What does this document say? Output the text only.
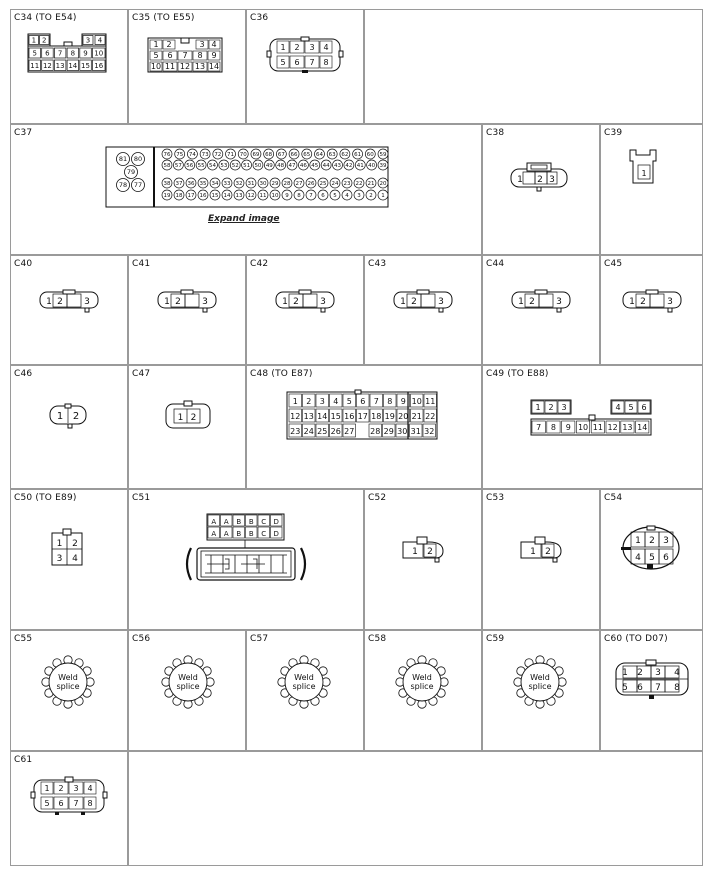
C34 (TO E54)
1 2	3 4
5 6 7 8 9 10
11 12 13 14 15 16
C35 (TO E55)
1 2	3 4
5 6 7 8 9
10 11 12 13 14
C36
1 2 3 4
5 6 7 8
C37
81 80
79
78 77
76 75 74 73 72 71 70 69 68 67 66 65 64 63 62 61 60 59
58 57 56 55 54 53 52 51 50 49 48 47 46 45 44 43 42 41 40 39
38 37 36 35 34 33 32 31 30 29 28 27 26 25 24 23 22 21 20
19 18 17 16 15 14 13 12 11 10 9 8 7 6 5 4 3 2 1
Expand image
C38
1 2 3
C39
1
C40
1 2 3
C41
1 2 3
C42
1 2 3
C43
1 2 3
C44
1 2 3
C45
1 2 3
C46
1 2
C47
1 2
C48 (TO E87)
1 2 3 4 5 6 7 8 9 10 11
12 13 14 15 16 17 18 19 20 21 22
23 24 25 26 27 28 29 30 31 32
C49 (TO E88)
1 2 3	4 5 6
7 8 9 10 11 12 13 14
C50 (TO E89)
2
1
3 4
C51
A A B B C D
A A B B C D
C52
1 2
C53
1 2
C54
1 2 3
4 5 6
C55
Weld
splice
C56
Weld
splice
C57
Weld
splice
C58
Weld
splice
C59
Weld
splice
C60 (TO D07)
1 2 3 4
5 6 7 8
C61
1 2 3 4
5 6 7 8
